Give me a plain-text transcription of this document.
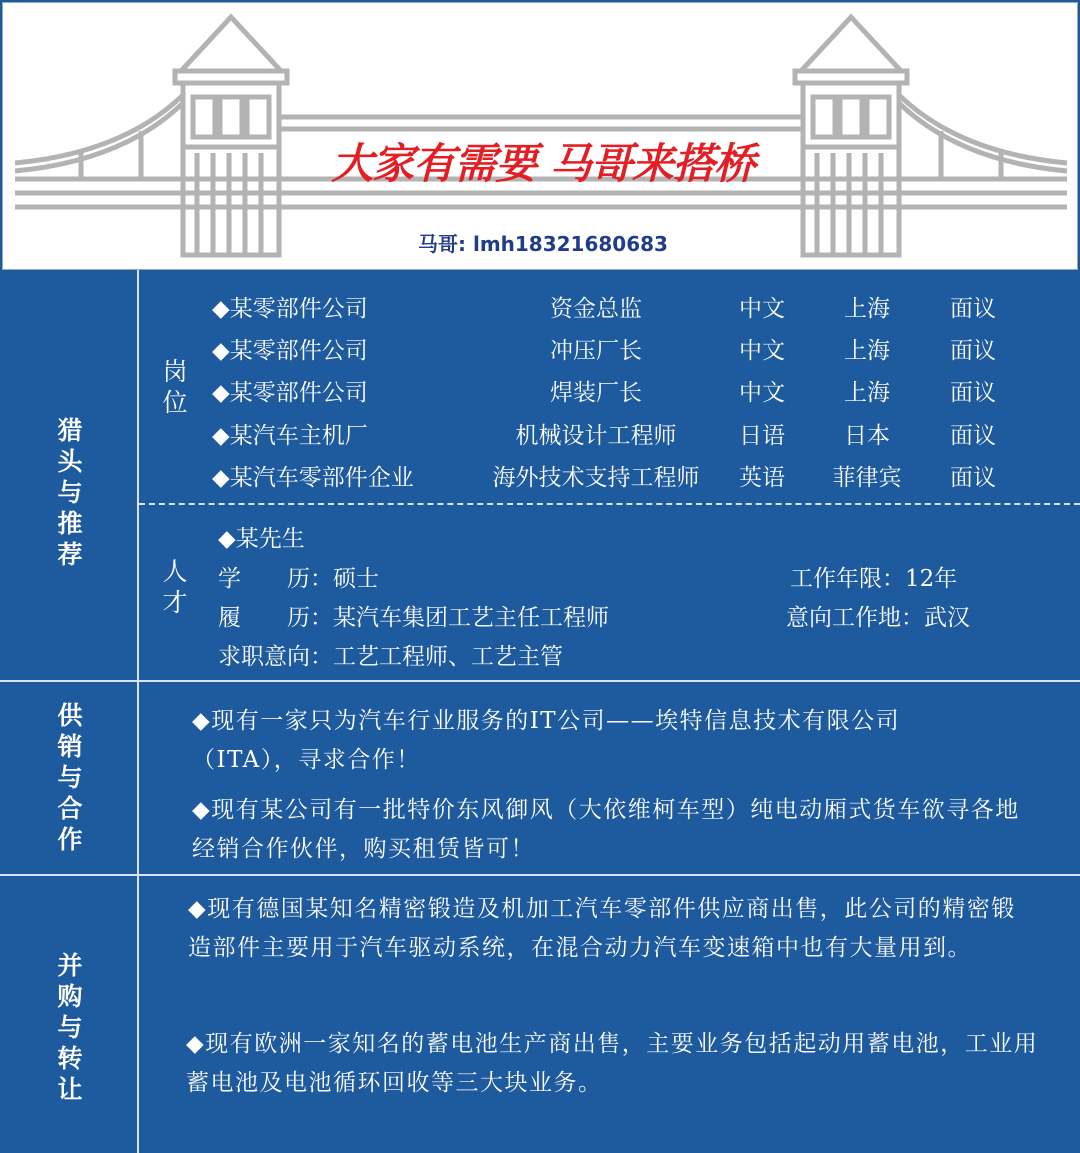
大家有需要 马哥来搭桥
马哥: lmh18321680683
猎
头
与
推
荐
岗
位
◆某零部件公司	资金总监	中文	上海	面议
◆某零部件公司	冲压厂长	中文	上海	面议
◆某零部件公司	焊装厂长	中文	上海	面议
◆某汽车主机厂	机械设计工程师	日语	日本	面议
◆某汽车零部件企业	海外技术支持工程师	英语	菲律宾	面议
人
才
◆某先生
学　　历：硕士
履　　历：某汽车集团工艺主任工程师
求职意向：工艺工程师、工艺主管
工作年限：12年
意向工作地：武汉
供
销
与
合
作
◆现有一家只为汽车行业服务的IT公司——埃特信息技术有限公司（ITA），寻求合作！
◆现有某公司有一批特价东风御风（大依维柯车型）纯电动厢式货车欲寻各地经销合作伙伴，购买租赁皆可！
并
购
与
转
让
◆现有德国某知名精密锻造及机加工汽车零部件供应商出售，此公司的精密锻造部件主要用于汽车驱动系统，在混合动力汽车变速箱中也有大量用到。
◆现有欧洲一家知名的蓄电池生产商出售，主要业务包括起动用蓄电池，工业用蓄电池及电池循环回收等三大块业务。
